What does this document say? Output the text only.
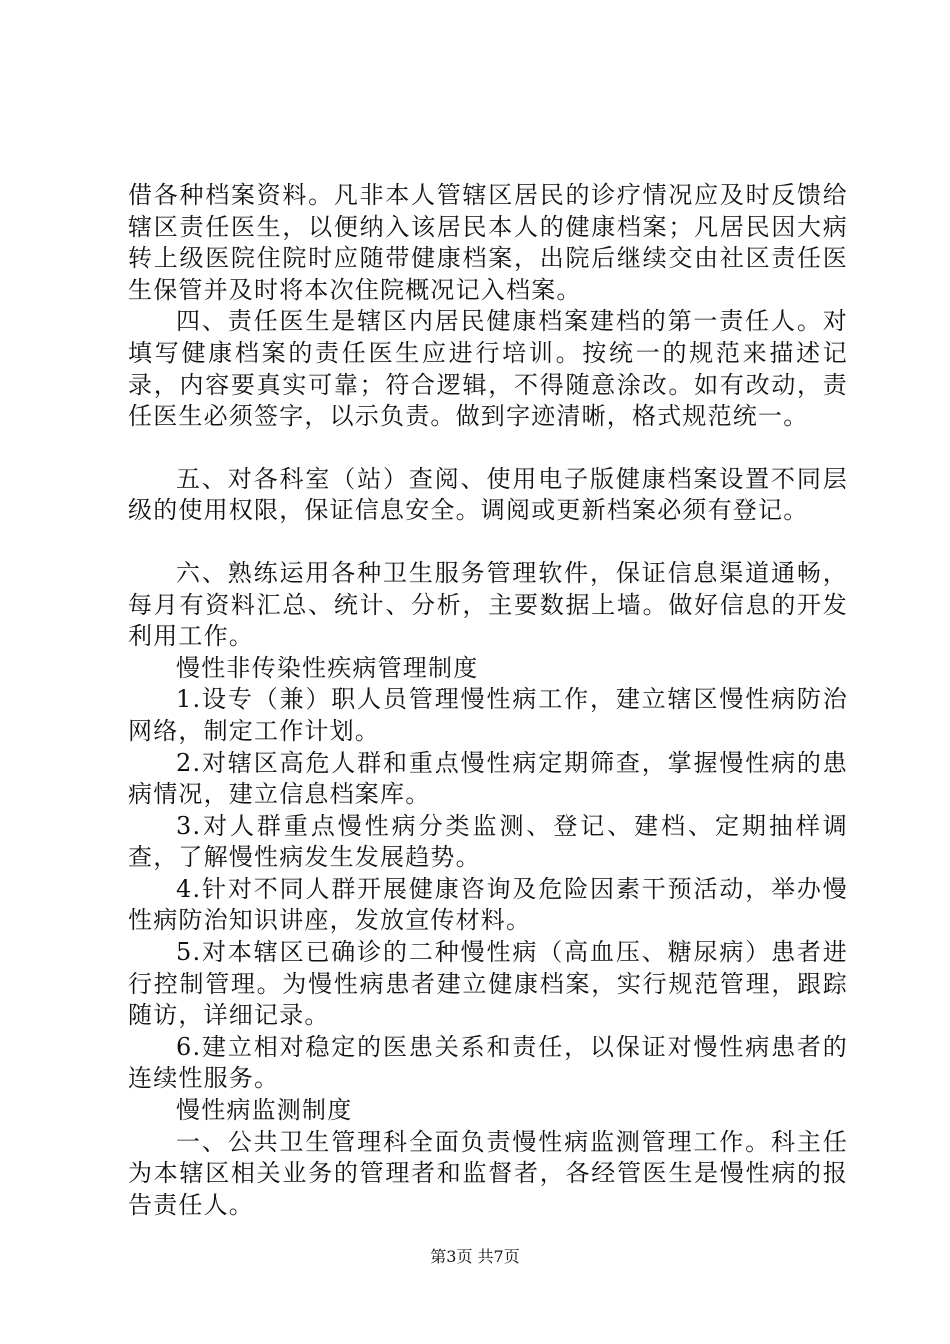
借各种档案资料。凡非本人管辖区居民的诊疗情况应及时反馈给辖区责任医生，以便纳入该居民本人的健康档案；凡居民因大病转上级医院住院时应随带健康档案，出院后继续交由社区责任医生保管并及时将本次住院概况记入档案。

四、责任医生是辖区内居民健康档案建档的第一责任人。对填写健康档案的责任医生应进行培训。按统一的规范来描述记录，内容要真实可靠；符合逻辑，不得随意涂改。如有改动，责任医生必须签字，以示负责。做到字迹清晰，格式规范统一。

五、对各科室（站）查阅、使用电子版健康档案设置不同层级的使用权限，保证信息安全。调阅或更新档案必须有登记。

六、熟练运用各种卫生服务管理软件，保证信息渠道通畅，每月有资料汇总、统计、分析，主要数据上墙。做好信息的开发利用工作。

慢性非传染性疾病管理制度

1.设专（兼）职人员管理慢性病工作，建立辖区慢性病防治网络，制定工作计划。

2.对辖区高危人群和重点慢性病定期筛查，掌握慢性病的患病情况，建立信息档案库。

3.对人群重点慢性病分类监测、登记、建档、定期抽样调查，了解慢性病发生发展趋势。

4.针对不同人群开展健康咨询及危险因素干预活动，举办慢性病防治知识讲座，发放宣传材料。

5.对本辖区已确诊的二种慢性病（高血压、糖尿病）患者进行控制管理。为慢性病患者建立健康档案，实行规范管理，跟踪随访，详细记录。

6.建立相对稳定的医患关系和责任，以保证对慢性病患者的连续性服务。

慢性病监测制度

一、公共卫生管理科全面负责慢性病监测管理工作。科主任为本辖区相关业务的管理者和监督者，各经管医生是慢性病的报告责任人。

第3页 共7页
